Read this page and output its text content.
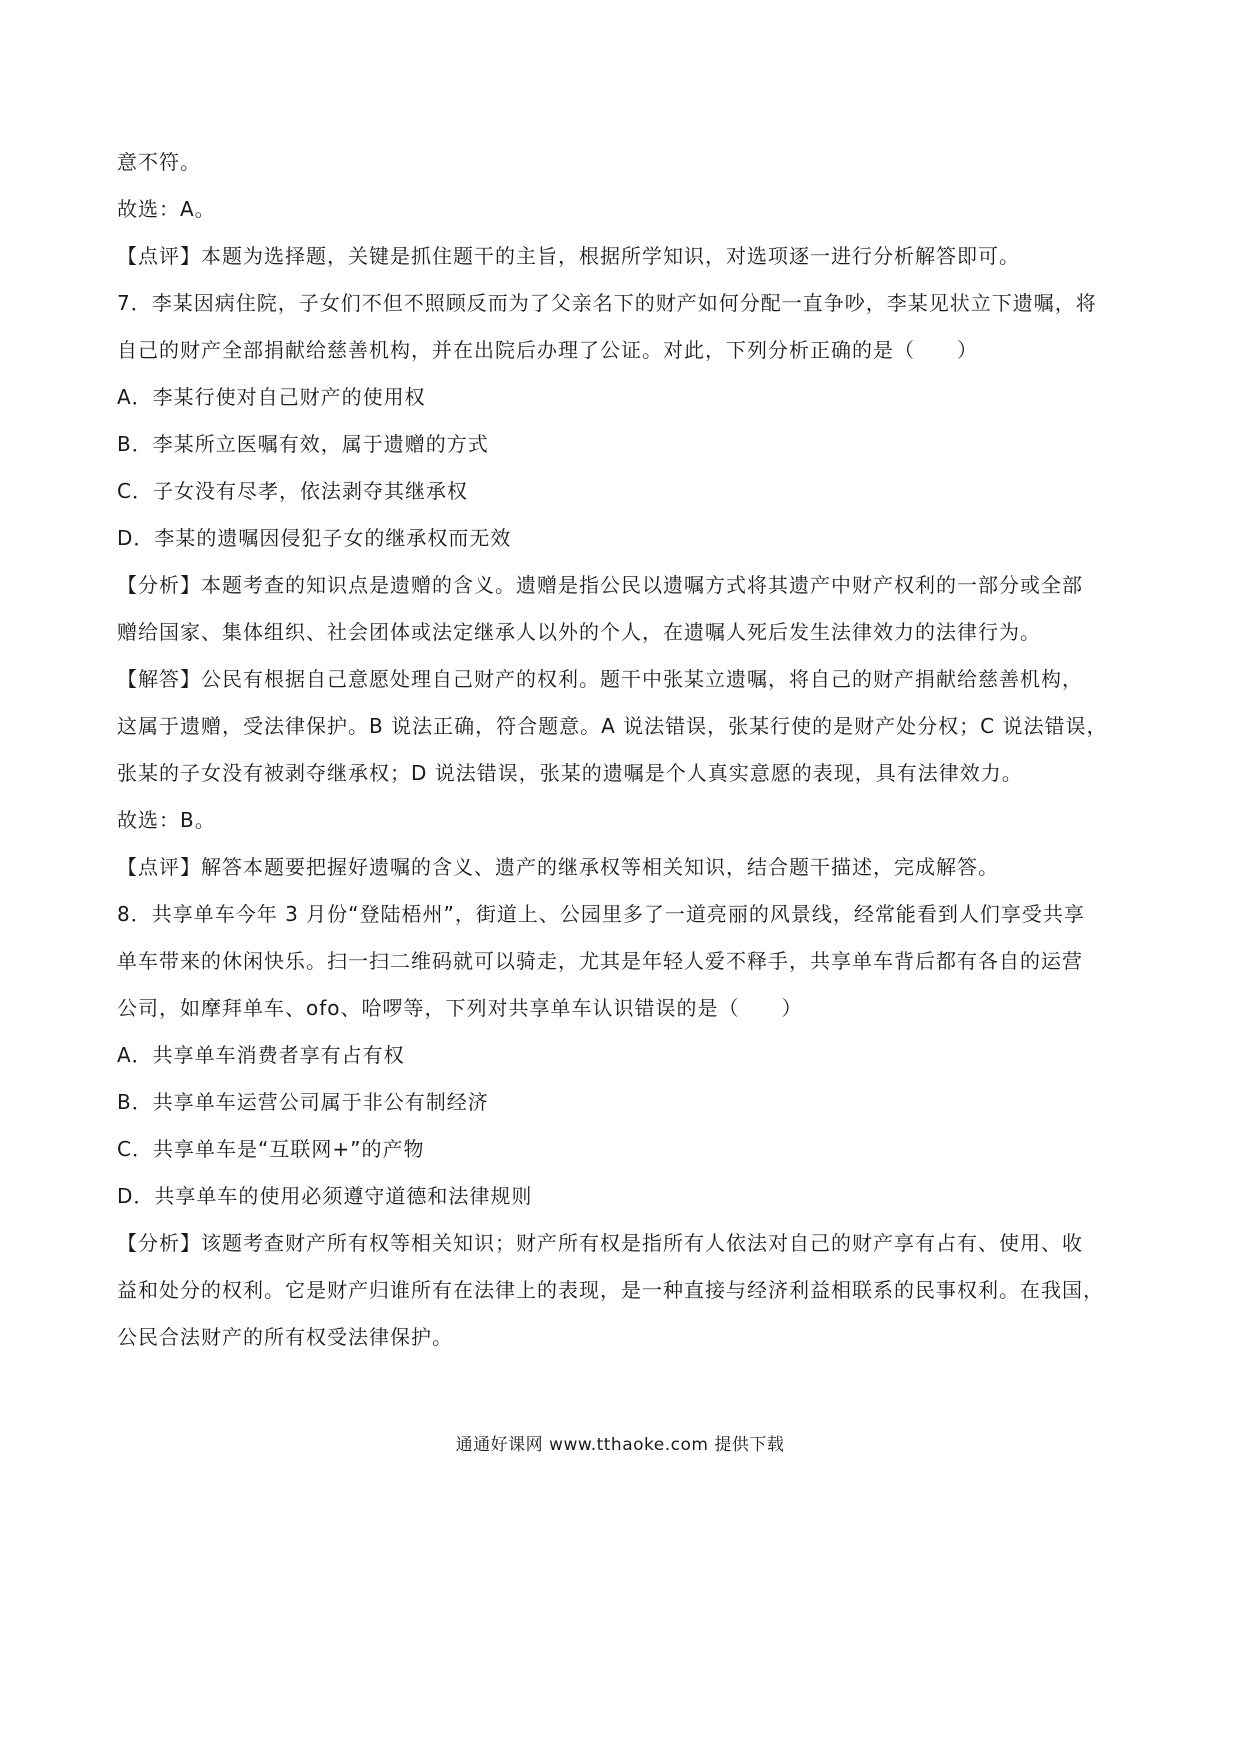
意不符。
故选：A。
【点评】本题为选择题，关键是抓住题干的主旨，根据所学知识，对选项逐一进行分析解答即可。
7．李某因病住院，子女们不但不照顾反而为了父亲名下的财产如何分配一直争吵，李某见状立下遗嘱，将
自己的财产全部捐献给慈善机构，并在出院后办理了公证。对此，下列分析正确的是（　　）
A．李某行使对自己财产的使用权
B．李某所立医嘱有效，属于遗赠的方式
C．子女没有尽孝，依法剥夺其继承权
D．李某的遗嘱因侵犯子女的继承权而无效
【分析】本题考查的知识点是遗赠的含义。遗赠是指公民以遗嘱方式将其遗产中财产权利的一部分或全部
赠给国家、集体组织、社会团体或法定继承人以外的个人，在遗嘱人死后发生法律效力的法律行为。
【解答】公民有根据自己意愿处理自己财产的权利。题干中张某立遗嘱，将自己的财产捐献给慈善机构，
这属于遗赠，受法律保护。B 说法正确，符合题意。A 说法错误，张某行使的是财产处分权；C 说法错误，
张某的子女没有被剥夺继承权；D 说法错误，张某的遗嘱是个人真实意愿的表现，具有法律效力。
故选：B。
【点评】解答本题要把握好遗嘱的含义、遗产的继承权等相关知识，结合题干描述，完成解答。
8．共享单车今年 3 月份“登陆梧州”，街道上、公园里多了一道亮丽的风景线，经常能看到人们享受共享
单车带来的休闲快乐。扫一扫二维码就可以骑走，尤其是年轻人爱不释手，共享单车背后都有各自的运营
公司，如摩拜单车、ofo、哈啰等，下列对共享单车认识错误的是（　　）
A．共享单车消费者享有占有权
B．共享单车运营公司属于非公有制经济
C．共享单车是“互联网+”的产物
D．共享单车的使用必须遵守道德和法律规则
【分析】该题考查财产所有权等相关知识；财产所有权是指所有人依法对自己的财产享有占有、使用、收
益和处分的权利。它是财产归谁所有在法律上的表现，是一种直接与经济利益相联系的民事权利。在我国，
公民合法财产的所有权受法律保护。
通通好课网 www.tthaoke.com 提供下载
